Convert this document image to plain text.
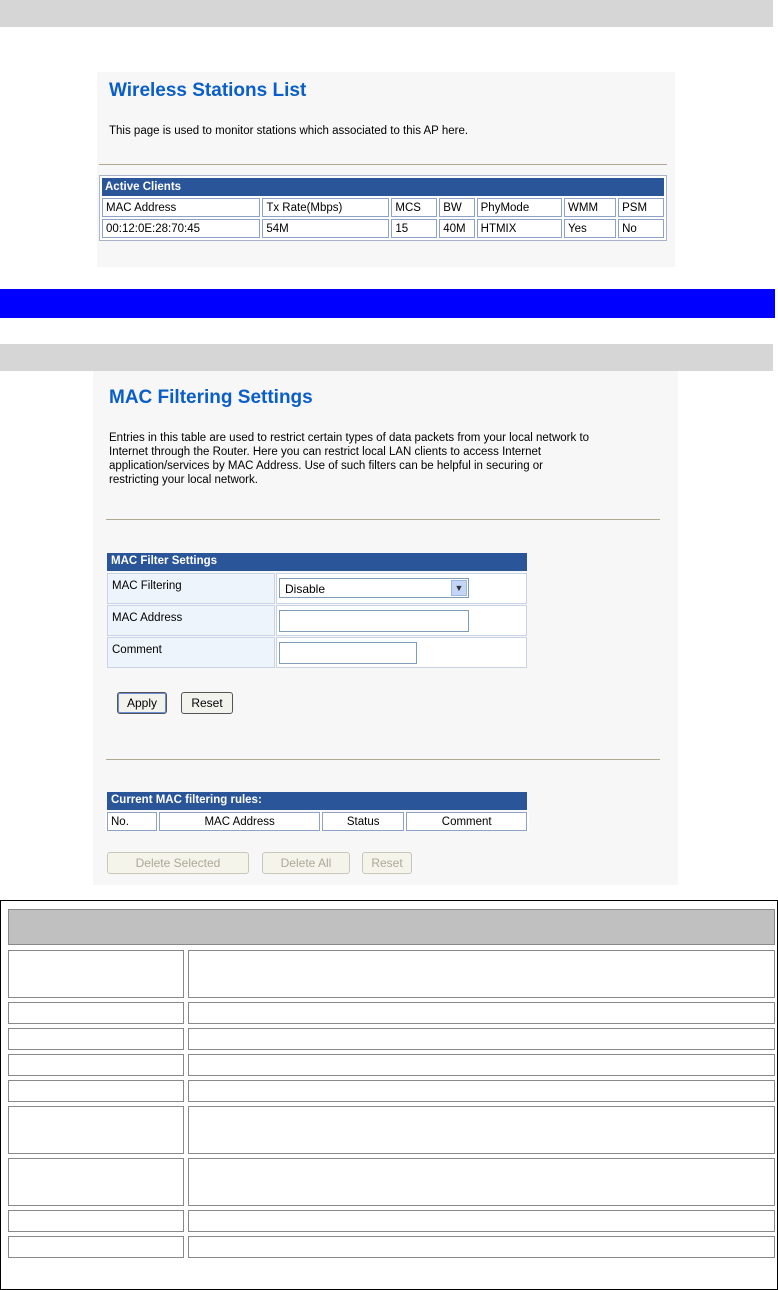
Wireless Stations List
This page is used to monitor stations which associated to this AP here.
Active Clients						
MAC Address	Tx Rate(Mbps)	MCS	BW	PhyMode	WMM	PSM
00:12:0E:28:70:45	54M	15	40M	HTMIX	Yes	No
MAC Filtering Settings
Entries in this table are used to restrict certain types of data packets from your local network to
Internet through the Router. Here you can restrict local LAN clients to access Internet
application/services by MAC Address. Use of such filters can be helpful in securing or
restricting your local network.
MAC Filter Settings
MAC Filtering	Disable	▼
MAC Address
Comment
Apply	Reset
Current MAC filtering rules:
No.	MAC Address	Status	Comment
Delete Selected	Delete All	Reset
